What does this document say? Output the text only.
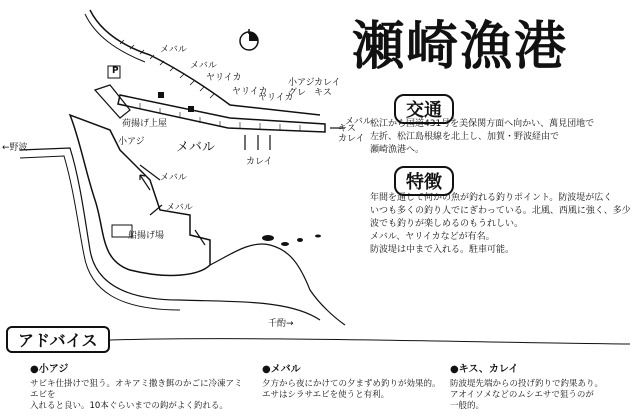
瀬崎漁港
P
←野波
千酌→
荷揚げ上屋
小アジ メバル
メバル
メバル
メバル
メバル
メバル
ヤリイカ
ヤリイカ
ヤリイカ
小アジ
グレ
カレイ
キス
キス
カレイ
カレイ
船揚げ場
交通
松江から国道431号を美保関方面へ向かい、萬見団地で
左折、松江島根線を北上し、加賀・野波経由で
瀬崎漁港へ。
特徴
年間を通して何かの魚が釣れる釣りポイント。防波堤が広く
いつも多くの釣り人でにぎわっている。北風、西風に強く、多少
波でも釣りが楽しめるのもうれしい。
メバル、ヤリイカなどが有名。
防波堤は中まで入れる。駐車可能。
アドバイス
●小アジ
サビキ仕掛けで狙う。オキアミ撒き餌のかごに冷凍アミエビを
入れると良い。10本ぐらいまでの鈎がよく釣れる。
●メバル
夕方から夜にかけての夕まずめ釣りが効果的。
エサはシラサエビを使うと有利。
●キス、カレイ
防波堤先端からの投げ釣りで釣果あり。
アオイソメなどのムシエサで狙うのが
一般的。
